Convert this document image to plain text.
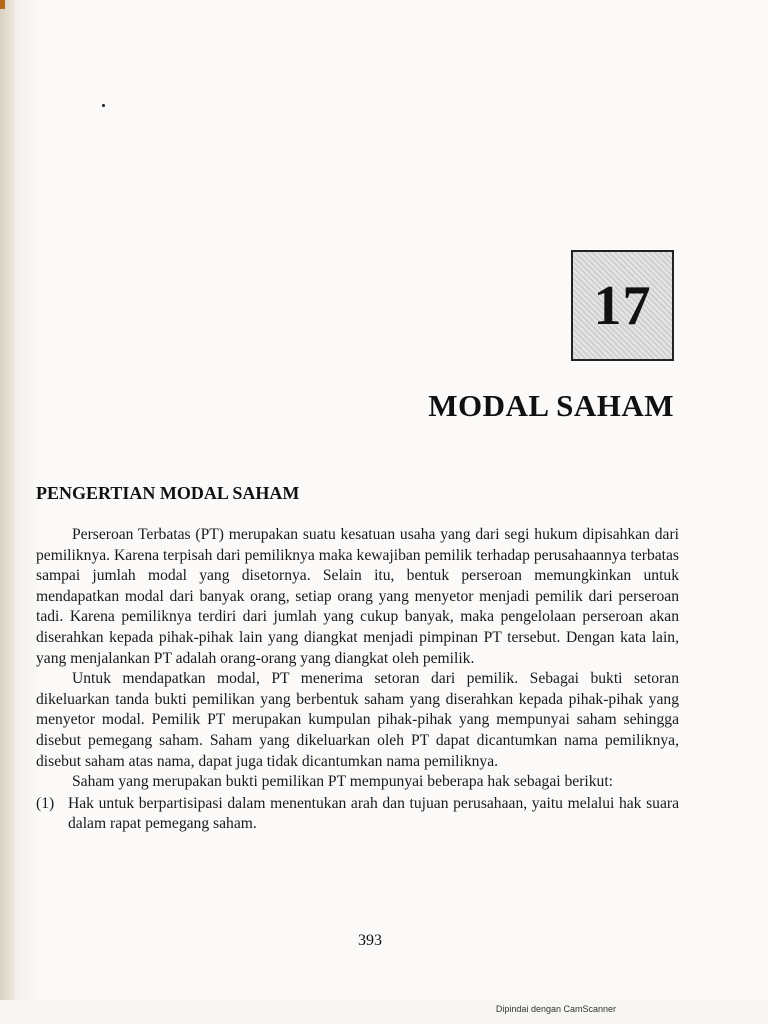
17
MODAL SAHAM
PENGERTIAN MODAL SAHAM

Perseroan Terbatas (PT) merupakan suatu kesatuan usaha yang dari segi hukum dipisahkan dari pemiliknya. Karena terpisah dari pemiliknya maka kewajiban pemilik terhadap perusahaannya terbatas sampai jumlah modal yang disetornya. Selain itu, bentuk perseroan memungkinkan untuk mendapatkan modal dari banyak orang, setiap orang yang menyetor menjadi pemilik dari perseroan tadi. Karena pemiliknya terdiri dari jumlah yang cukup banyak, maka pengelolaan perseroan akan diserahkan kepada pihak-pihak lain yang diangkat menjadi pimpinan PT tersebut. Dengan kata lain, yang menjalankan PT adalah orang-orang yang diangkat oleh pemilik.

Untuk mendapatkan modal, PT menerima setoran dari pemilik. Sebagai bukti setoran dikeluarkan tanda bukti pemilikan yang berbentuk saham yang diserahkan kepada pihak-pihak yang menyetor modal. Pemilik PT merupakan kumpulan pihak-pihak yang mempunyai saham sehingga disebut pemegang saham. Saham yang dikeluarkan oleh PT dapat dicantumkan nama pemiliknya, disebut saham atas nama, dapat juga tidak dicantumkan nama pemiliknya.

Saham yang merupakan bukti pemilikan PT mempunyai beberapa hak sebagai berikut:

(1) Hak untuk berpartisipasi dalam menentukan arah dan tujuan perusahaan, yaitu melalui hak suara dalam rapat pemegang saham.
393
Dipindai dengan CamScanner
